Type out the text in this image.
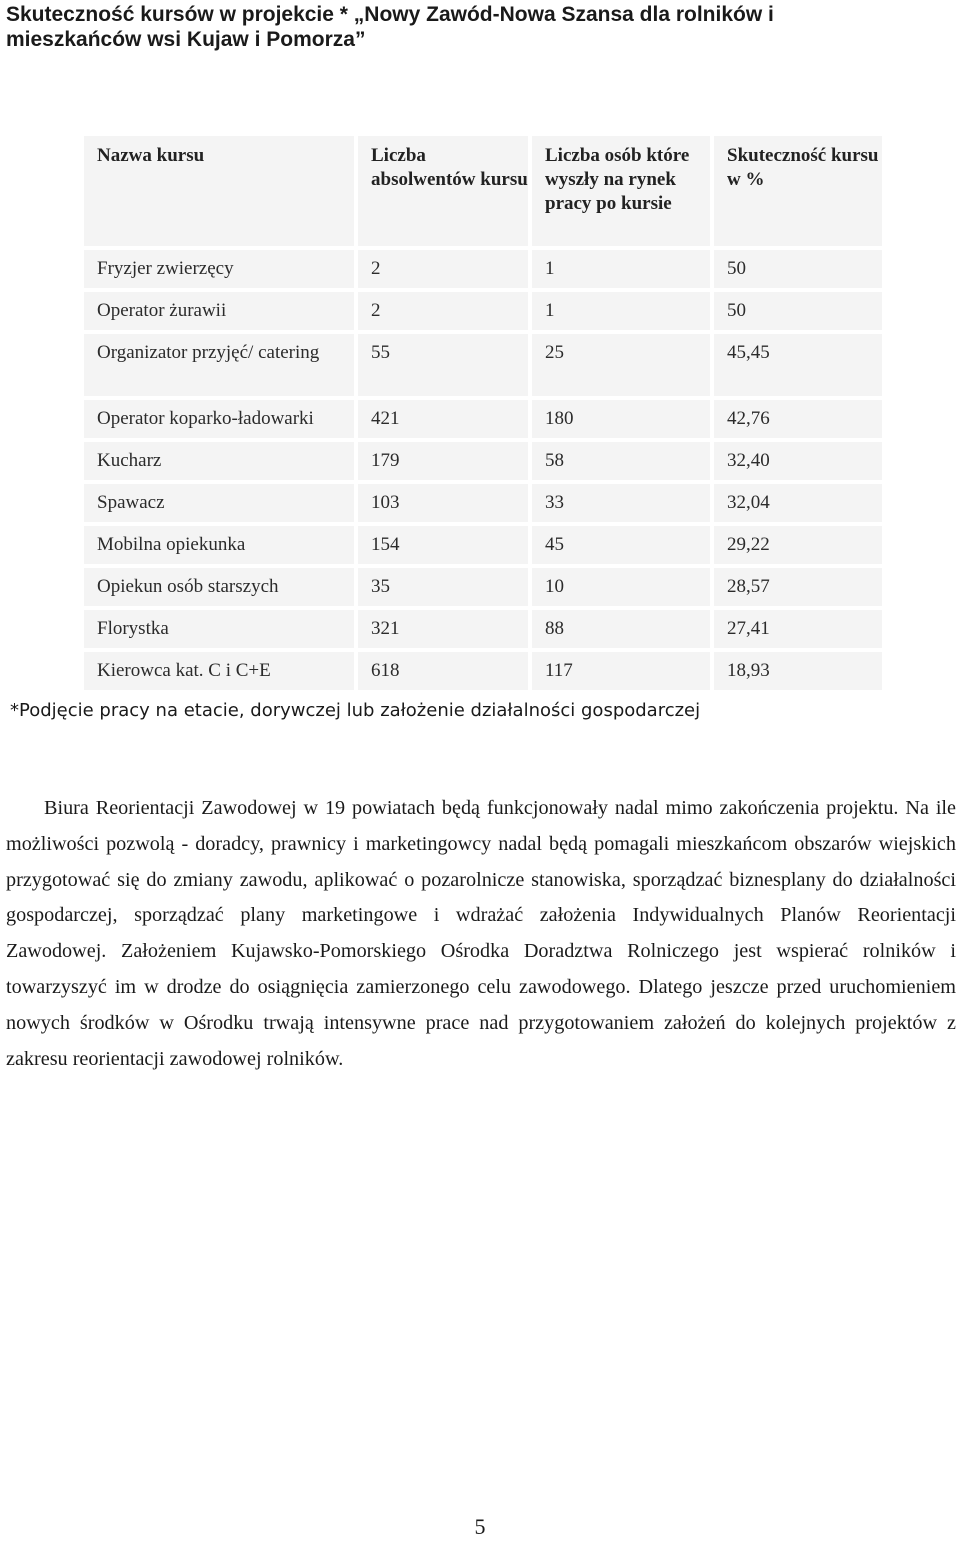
Skuteczność kursów w projekcie * „Nowy Zawód-Nowa Szansa dla rolników i mieszkańców wsi Kujaw i Pomorza”
Nazwa kursu	Liczba absolwentów kursu	Liczba osób które wyszły na rynek pracy po kursie	Skuteczność kursu w %
Fryzjer zwierzęcy	2	1	50
Operator żurawii	2	1	50
Organizator przyjęć/ catering	55	25	45,45
Operator koparko-ładowarki	421	180	42,76
Kucharz	179	58	32,40
Spawacz	103	33	32,04
Mobilna opiekunka	154	45	29,22
Opiekun osób starszych	35	10	28,57
Florystka	321	88	27,41
Kierowca kat. C i C+E	618	117	18,93

*Podjęcie pracy na etacie, dorywczej lub założenie działalności gospodarczej

Biura Reorientacji Zawodowej w 19 powiatach będą funkcjonowały nadal mimo zakończenia projektu. Na ile możliwości pozwolą - doradcy, prawnicy i marketingowcy nadal będą pomagali mieszkańcom obszarów wiejskich przygotować się do zmiany zawodu, aplikować o pozarolnicze stanowiska, sporządzać biznesplany do działalności gospodarczej, sporządzać plany marketingowe i wdrażać założenia Indywidualnych Planów Reorientacji Zawodowej. Założeniem Kujawsko-Pomorskiego Ośrodka Doradztwa Rolniczego jest wspierać rolników i towarzyszyć im w drodze do osiągnięcia zamierzonego celu zawodowego. Dlatego jeszcze przed uruchomieniem nowych środków w Ośrodku trwają intensywne prace nad przygotowaniem założeń do kolejnych projektów z zakresu reorientacji zawodowej rolników.

5
